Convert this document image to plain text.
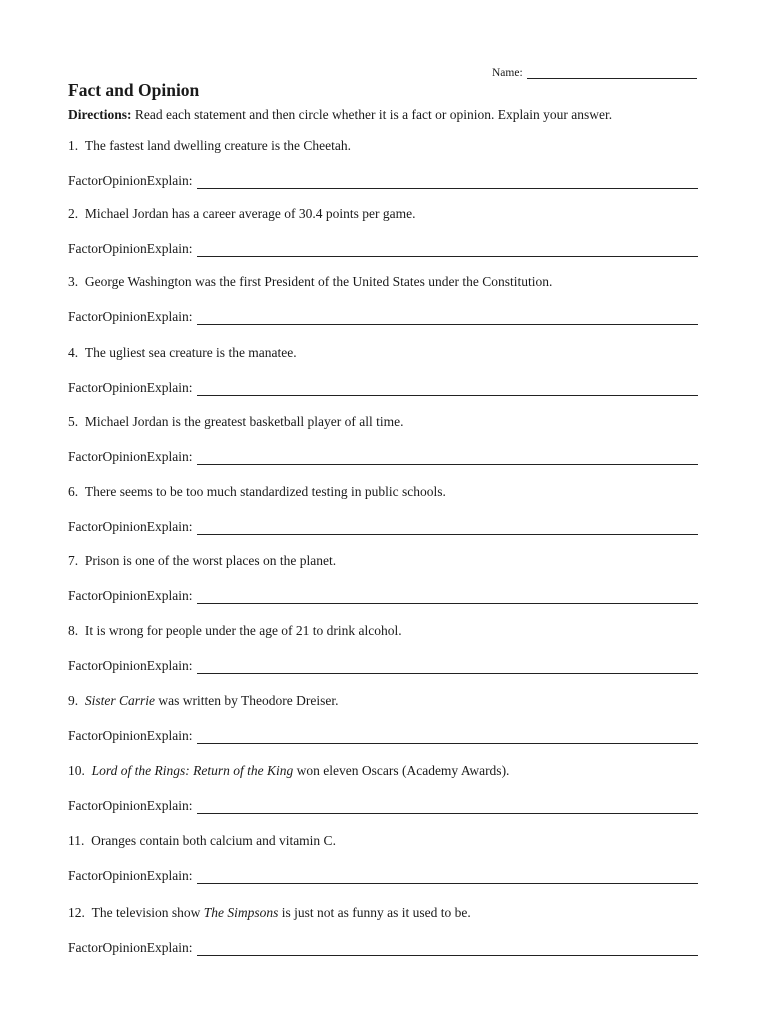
Name:
Fact and Opinion
Directions: Read each statement and then circle whether it is a fact or opinion. Explain your answer.
1. The fastest land dwelling creature is the Cheetah.
Fact or Opinion Explain:
2. Michael Jordan has a career average of 30.4 points per game.
Fact or Opinion Explain:
3. George Washington was the first President of the United States under the Constitution.
Fact or Opinion Explain:
4. The ugliest sea creature is the manatee.
Fact or Opinion Explain:
5. Michael Jordan is the greatest basketball player of all time.
Fact or Opinion Explain:
6. There seems to be too much standardized testing in public schools.
Fact or Opinion Explain:
7. Prison is one of the worst places on the planet.
Fact or Opinion Explain:
8. It is wrong for people under the age of 21 to drink alcohol.
Fact or Opinion Explain:
9. Sister Carrie was written by Theodore Dreiser.
Fact or Opinion Explain:
10. Lord of the Rings: Return of the King won eleven Oscars (Academy Awards).
Fact or Opinion Explain:
11. Oranges contain both calcium and vitamin C.
Fact or Opinion Explain:
12. The television show The Simpsons is just not as funny as it used to be.
Fact or Opinion Explain:
